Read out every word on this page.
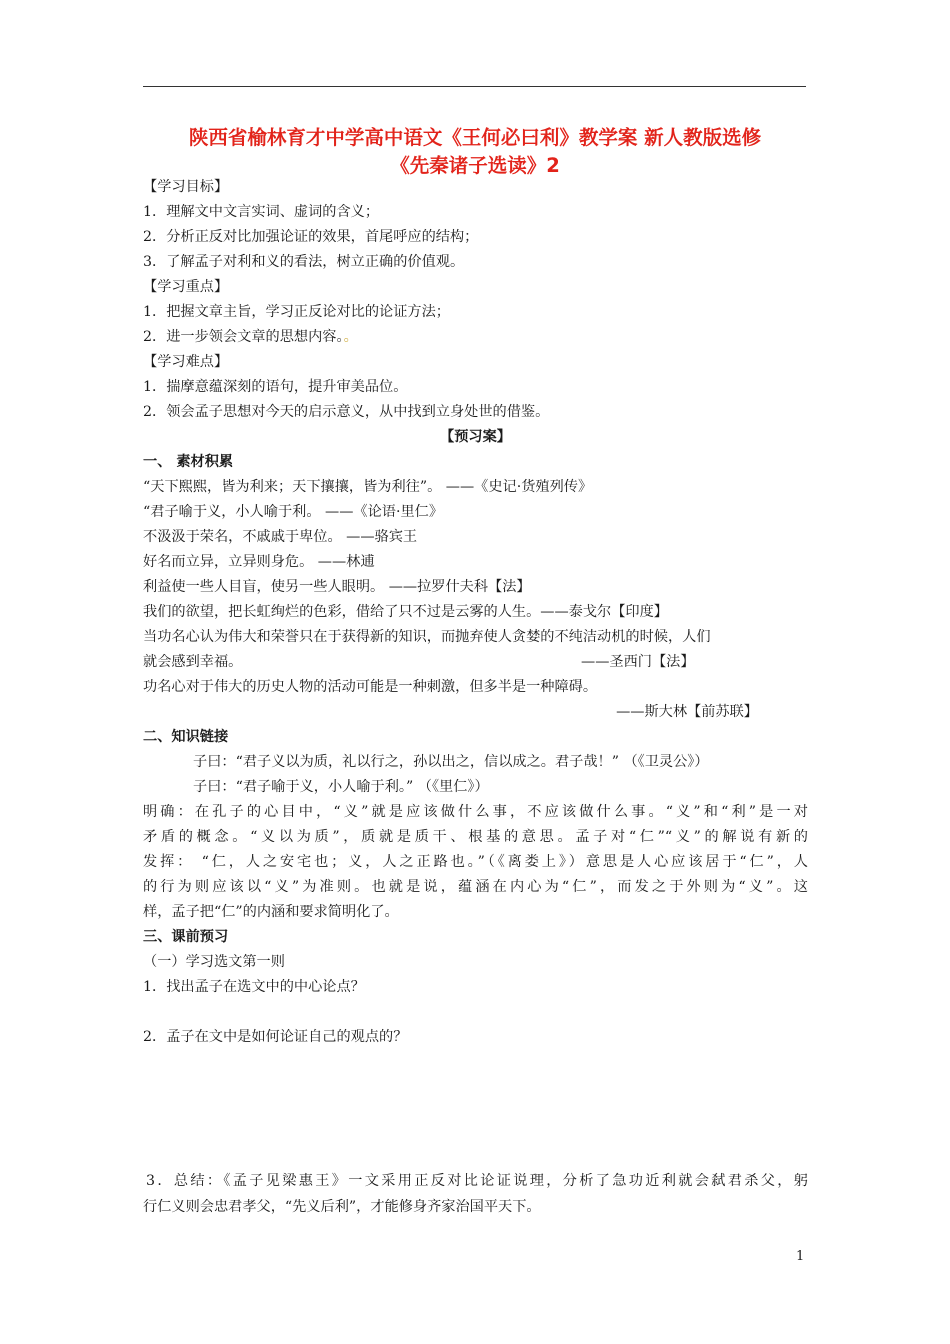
陕西省榆林育才中学高中语文《王何必曰利》教学案 新人教版选修
《先秦诸子选读》2
【学习目标】
1．理解文中文言实词、虚词的含义；
2．分析正反对比加强论证的效果，首尾呼应的结构；
3．了解孟子对利和义的看法，树立正确的价值观。
【学习重点】
1．把握文章主旨，学习正反论对比的论证方法；
2．进一步领会文章的思想内容。。
【学习难点】
1．揣摩意蕴深刻的语句，提升审美品位。
2．领会孟子思想对今天的启示意义，从中找到立身处世的借鉴。
【预习案】
一、 素材积累
“天下熙熙，皆为利来；天下攘攘，皆为利往”。 ——《史记·货殖列传》
“君子喻于义，小人喻于利。 ——《论语·里仁》
不汲汲于荣名，不戚戚于卑位。 ——骆宾王
好名而立异，立异则身危。 ——林逋
利益使一些人目盲，使另一些人眼明。 ——拉罗什夫科【法】
我们的欲望，把长虹绚烂的色彩，借给了只不过是云雾的人生。——泰戈尔【印度】
当功名心认为伟大和荣誉只在于获得新的知识，而抛弃使人贪婪的不纯洁动机的时候，人们
就会感到幸福。	——圣西门【法】
功名心对于伟大的历史人物的活动可能是一种刺激，但多半是一种障碍。
——斯大林【前苏联】
二、知识链接
子曰：“君子义以为质，礼以行之，孙以出之，信以成之。君子哉！” （《卫灵公》）
子曰：“君子喻于义，小人喻于利。” （《里仁》）
明确：在孔子的心目中，“义”就是应该做什么事，不应该做什么事。“义”和“利”是一对
矛盾的概念。“义以为质”，质就是质干、根基的意思。孟子对“仁”“义”的解说有新的
发挥： “仁，人之安宅也；义，人之正路也。”（《离娄上》）意思是人心应该居于“仁”，人
的行为则应该以“义”为准则。也就是说，蕴涵在内心为“仁”，而发之于外则为“义”。这
样，孟子把“仁”的内涵和要求简明化了。
三、课前预习
（一）学习选文第一则
1．找出孟子在选文中的中心论点？
2．孟子在文中是如何论证自己的观点的？
3．总结：《孟子见梁惠王》一文采用正反对比论证说理，分析了急功近利就会弑君杀父，躬
行仁义则会忠君孝父，“先义后利”，才能修身齐家治国平天下。
1
